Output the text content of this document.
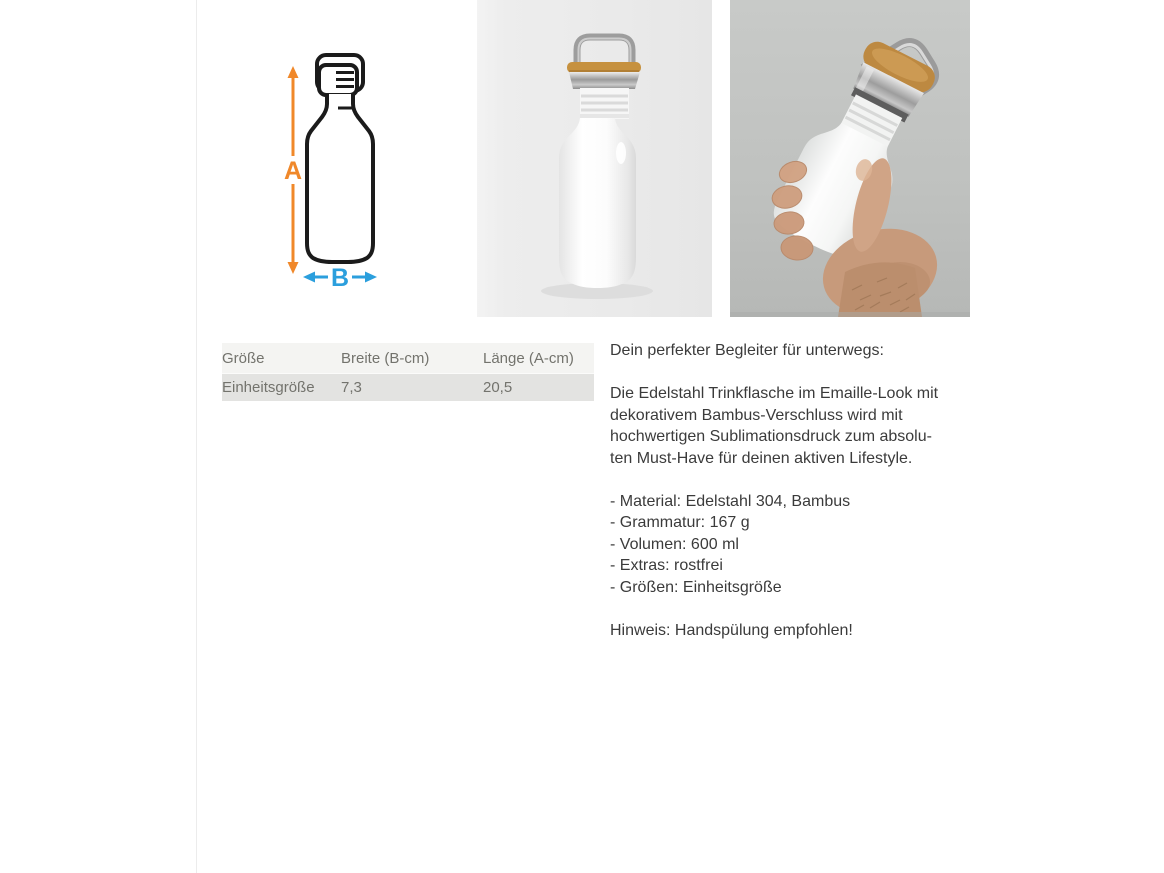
A
B
Größe	Breite (B-cm)	Länge (A-cm)
Einheitsgröße	7,3	20,5
Dein perfekter Begleiter für unterwegs:
Die Edelstahl Trinkflasche im Emaille-Look mit
dekorativem Bambus-Verschluss wird mit
hochwertigen Sublimationsdruck zum absolu-
ten Must-Have für deinen aktiven Lifestyle.
- Material: Edelstahl 304, Bambus
- Grammatur: 167 g
- Volumen: 600 ml
- Extras: rostfrei
- Größen: Einheitsgröße
Hinweis: Handspülung empfohlen!
